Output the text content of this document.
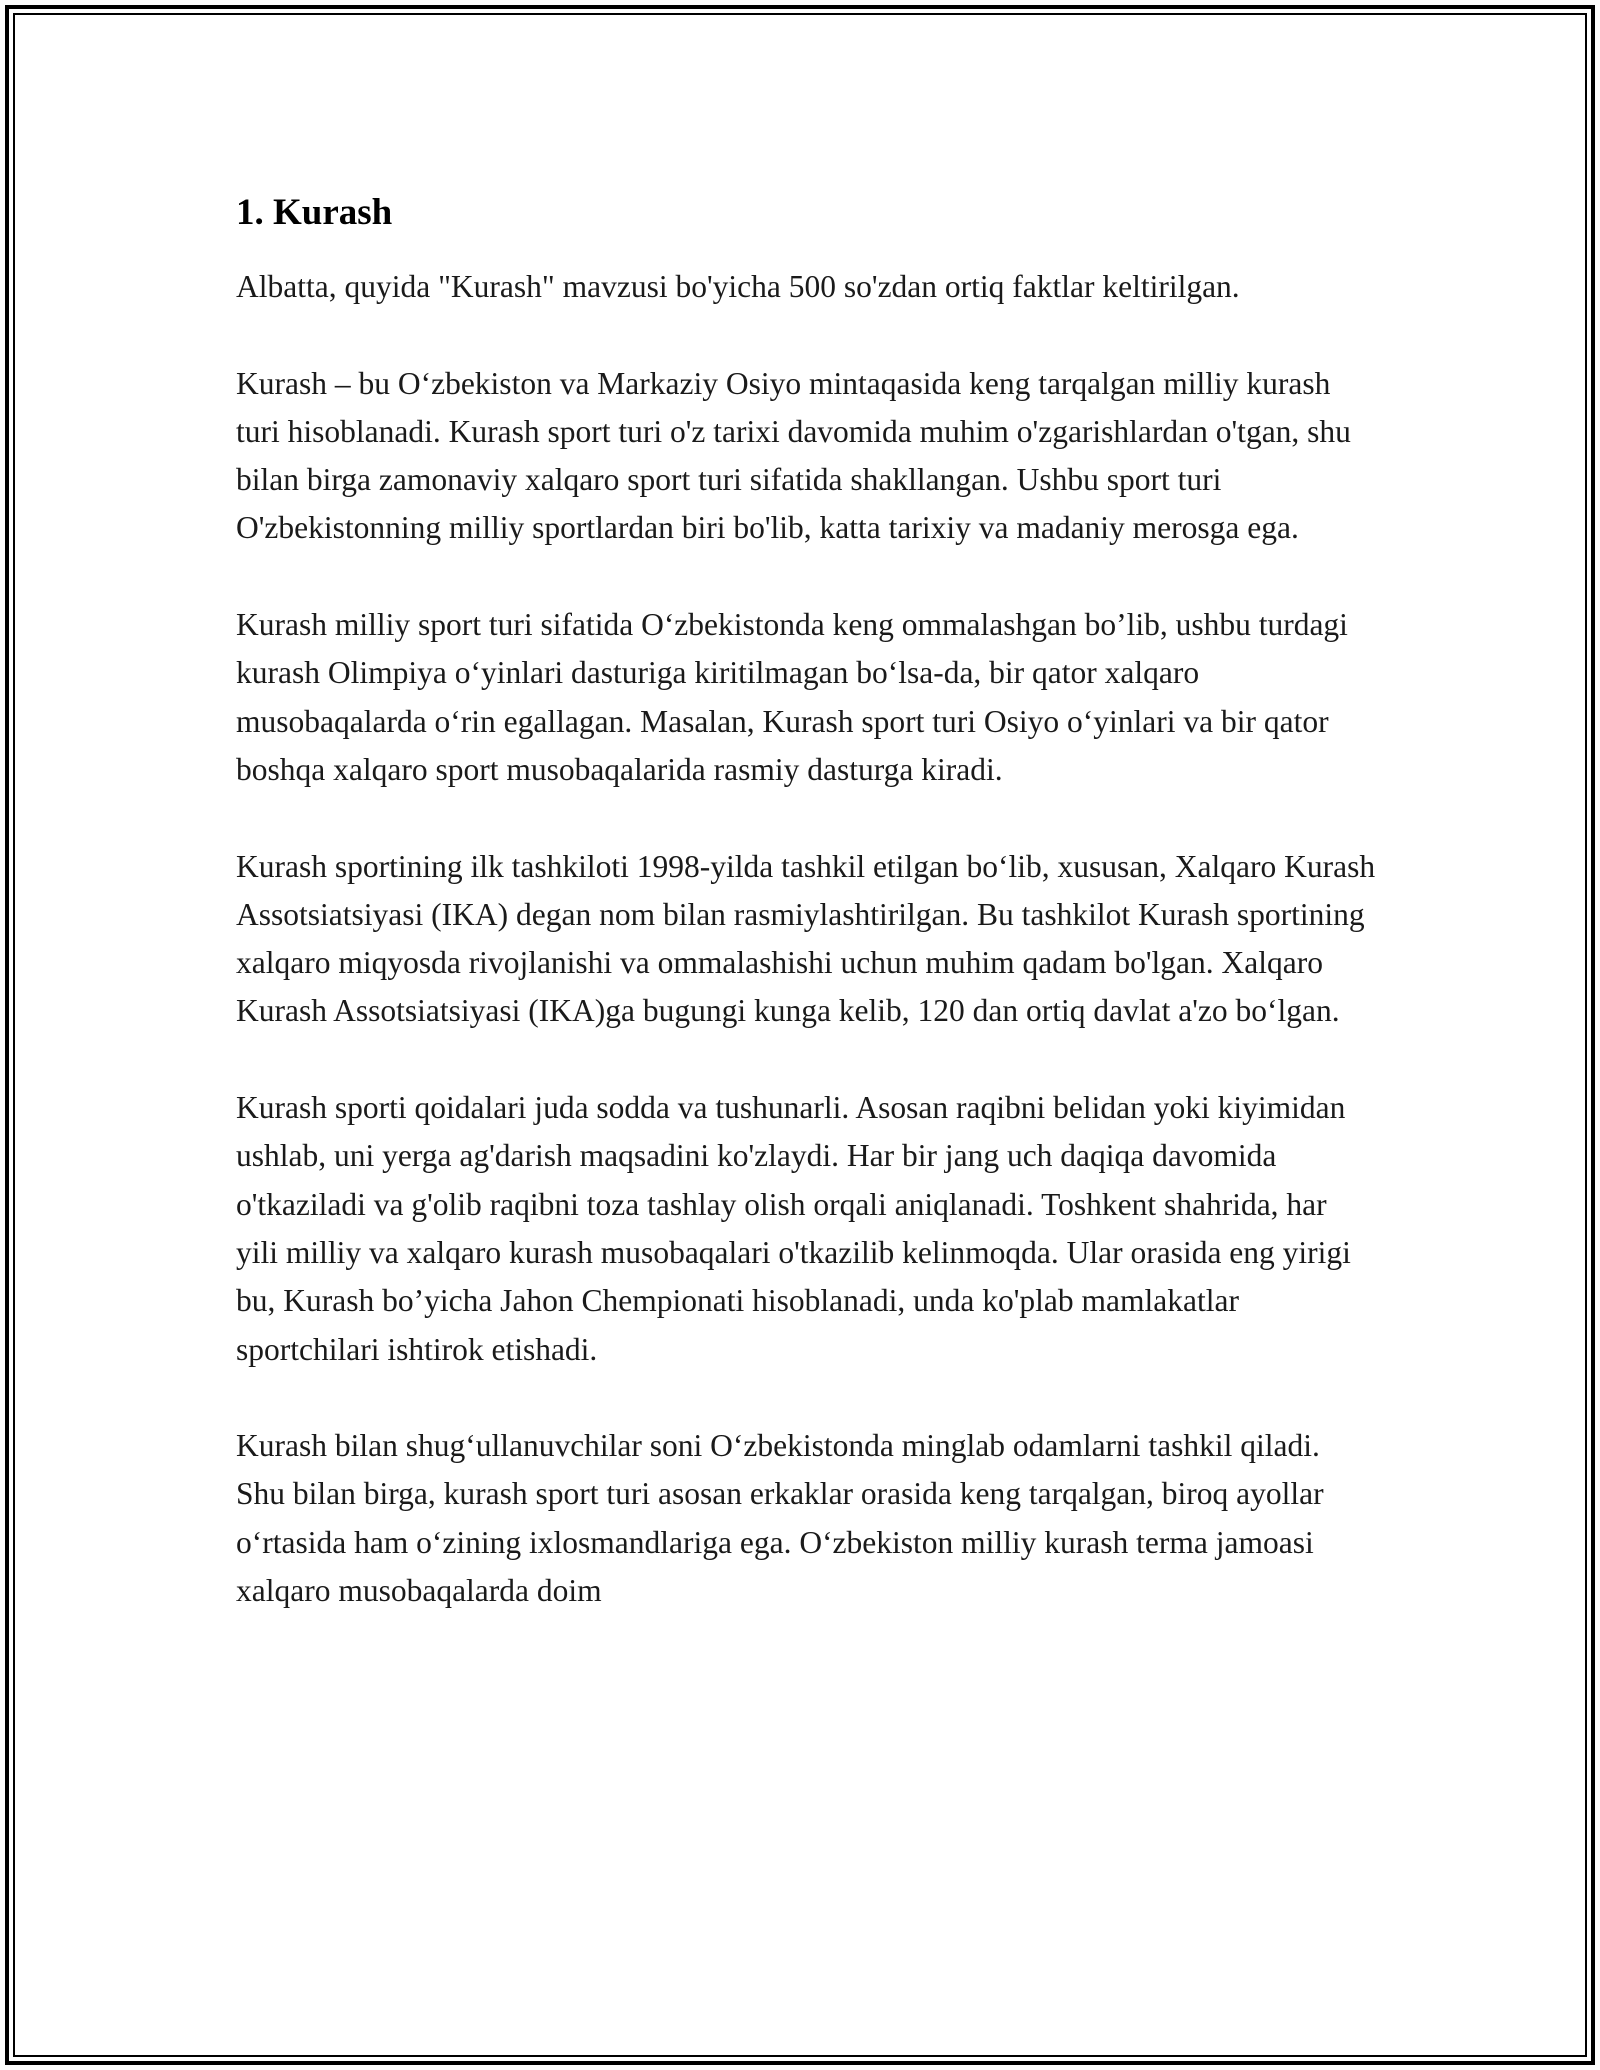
1. Kurash

Albatta, quyida "Kurash" mavzusi bo'yicha 500 so'zdan ortiq faktlar keltirilgan.

Kurash – bu O‘zbekiston va Markaziy Osiyo mintaqasida keng tarqalgan milliy kurash turi hisoblanadi. Kurash sport turi o'z tarixi davomida muhim o'zgarishlardan o'tgan, shu bilan birga zamonaviy xalqaro sport turi sifatida shakllangan. Ushbu sport turi O'zbekistonning milliy sportlardan biri bo'lib, katta tarixiy va madaniy merosga ega.

Kurash milliy sport turi sifatida O‘zbekistonda keng ommalashgan bo’lib, ushbu turdagi kurash Olimpiya o‘yinlari dasturiga kiritilmagan bo‘lsa-da, bir qator xalqaro musobaqalarda o‘rin egallagan. Masalan, Kurash sport turi Osiyo o‘yinlari va bir qator boshqa xalqaro sport musobaqalarida rasmiy dasturga kiradi.

Kurash sportining ilk tashkiloti 1998-yilda tashkil etilgan bo‘lib, xususan, Xalqaro Kurash Assotsiatsiyasi (IKA) degan nom bilan rasmiylashtirilgan. Bu tashkilot Kurash sportining xalqaro miqyosda rivojlanishi va ommalashishi uchun muhim qadam bo'lgan. Xalqaro Kurash Assotsiatsiyasi (IKA)ga bugungi kunga kelib, 120 dan ortiq davlat a'zo bo‘lgan.

Kurash sporti qoidalari juda sodda va tushunarli. Asosan raqibni belidan yoki kiyimidan ushlab, uni yerga ag'darish maqsadini ko'zlaydi. Har bir jang uch daqiqa davomida o'tkaziladi va g'olib raqibni toza tashlay olish orqali aniqlanadi. Toshkent shahrida, har yili milliy va xalqaro kurash musobaqalari o'tkazilib kelinmoqda. Ular orasida eng yirigi bu, Kurash bo’yicha Jahon Chempionati hisoblanadi, unda ko'plab mamlakatlar sportchilari ishtirok etishadi.

Kurash bilan shug‘ullanuvchilar soni O‘zbekistonda minglab odamlarni tashkil qiladi. Shu bilan birga, kurash sport turi asosan erkaklar orasida keng tarqalgan, biroq ayollar o‘rtasida ham o‘zining ixlosmandlariga ega. O‘zbekiston milliy kurash terma jamoasi xalqaro musobaqalarda doim
